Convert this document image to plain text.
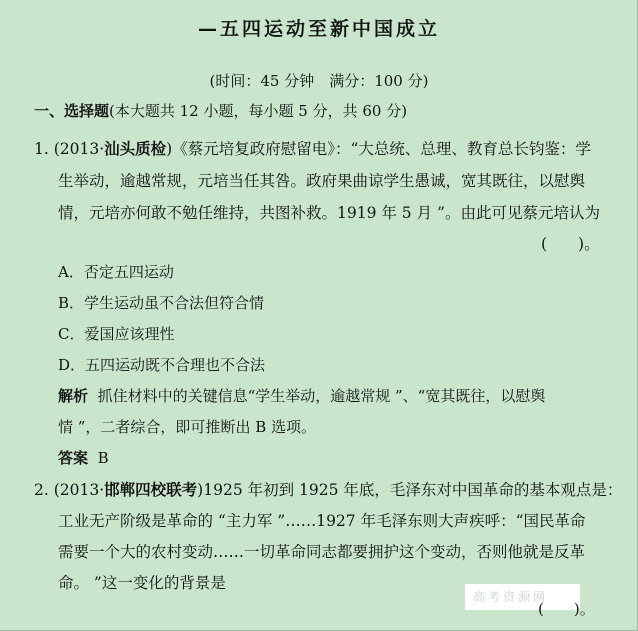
—五四运动至新中国成立
(时间：45 分钟　满分：100 分)
一、选择题(本大题共 12 小题，每小题 5 分，共 60 分)
1. (2013·汕头质检)《蔡元培复政府慰留电》：“大总统、总理、教育总长钧鉴：学
生举动，逾越常规，元培当任其咎。政府果曲谅学生愚诚，宽其既往，以慰舆
情，元培亦何敢不勉任维持，共图补救。1919 年 5 月 ”。由此可见蔡元培认为
(　　)。
A．否定五四运动
B．学生运动虽不合法但符合情
C．爱国应该理性
D．五四运动既不合理也不合法
解析 抓住材料中的关键信息“学生举动，逾越常规 ”、“宽其既往，以慰舆
情 ”，二者综合，即可推断出 B 选项。
答案 B
2. (2013·邯郸四校联考)1925 年初到 1925 年底，毛泽东对中国革命的基本观点是：
工业无产阶级是革命的 “主力军 ”……1927 年毛泽东则大声疾呼：“国民革命
需要一个大的农村变动……一切革命同志都要拥护这个变动，否则他就是反革
命。 ”这一变化的背景是
高考资源网
(　　)。
